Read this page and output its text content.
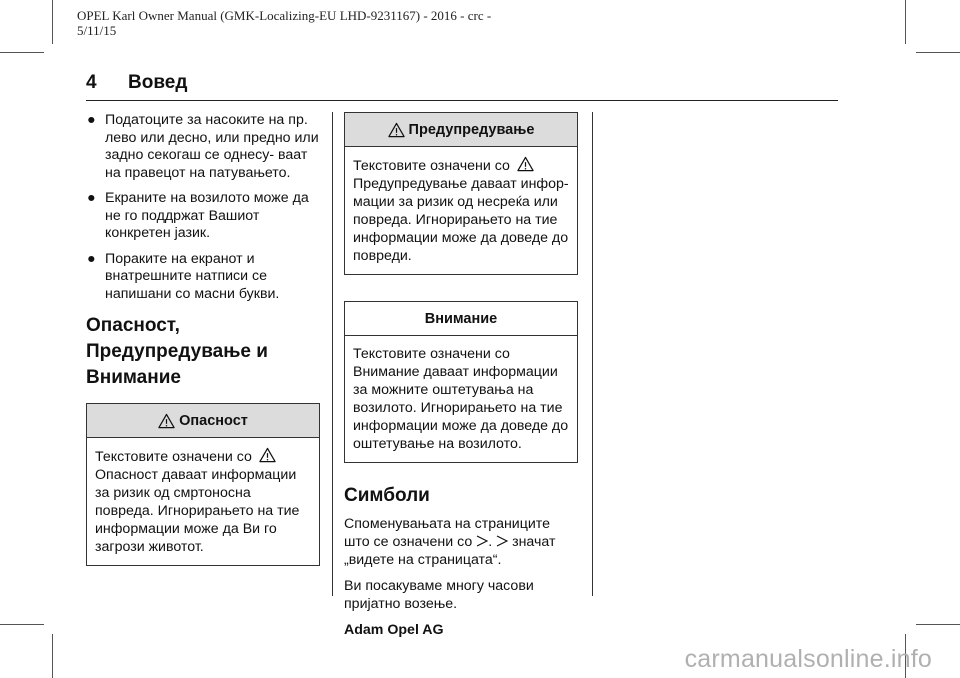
OPEL Karl Owner Manual (GMK-Localizing-EU LHD-9231167) - 2016 - crc -
5/11/15
4 Вовед
● Податоците за насоките на пр. лево или десно, или предно или задно секогаш се однесу- ваат на правецот на патувањето.
● Екраните на возилото може да не го поддржат Вашиот конкретен јазик.
● Пораките на екранот и внатрешните натписи се напишани со масни букви.
Опасност,
Предупредување и
Внимание
Опасност
Текстовите означени со  Опасност даваат информации за ризик од смртоносна повреда. Игнорирањето на тие информации може да Ви го загрози животот.
Предупредување
Текстовите означени со  Предупредување даваат инфор- мации за ризик од несреќа или повреда. Игнорирањето на тие информации може да доведе до повреди.
Внимание
Текстовите означени со Внимание даваат информации за можните оштетувања на возилото. Игнорирањето на тие информации може да доведе до оштетување на возилото.
Симболи

Споменувањата на страниците
што се означени со . значат
„видете на страницата“.

Ви посакуваме многу часови пријатно возење.

Adam Opel AG

carmanualsonline.info
